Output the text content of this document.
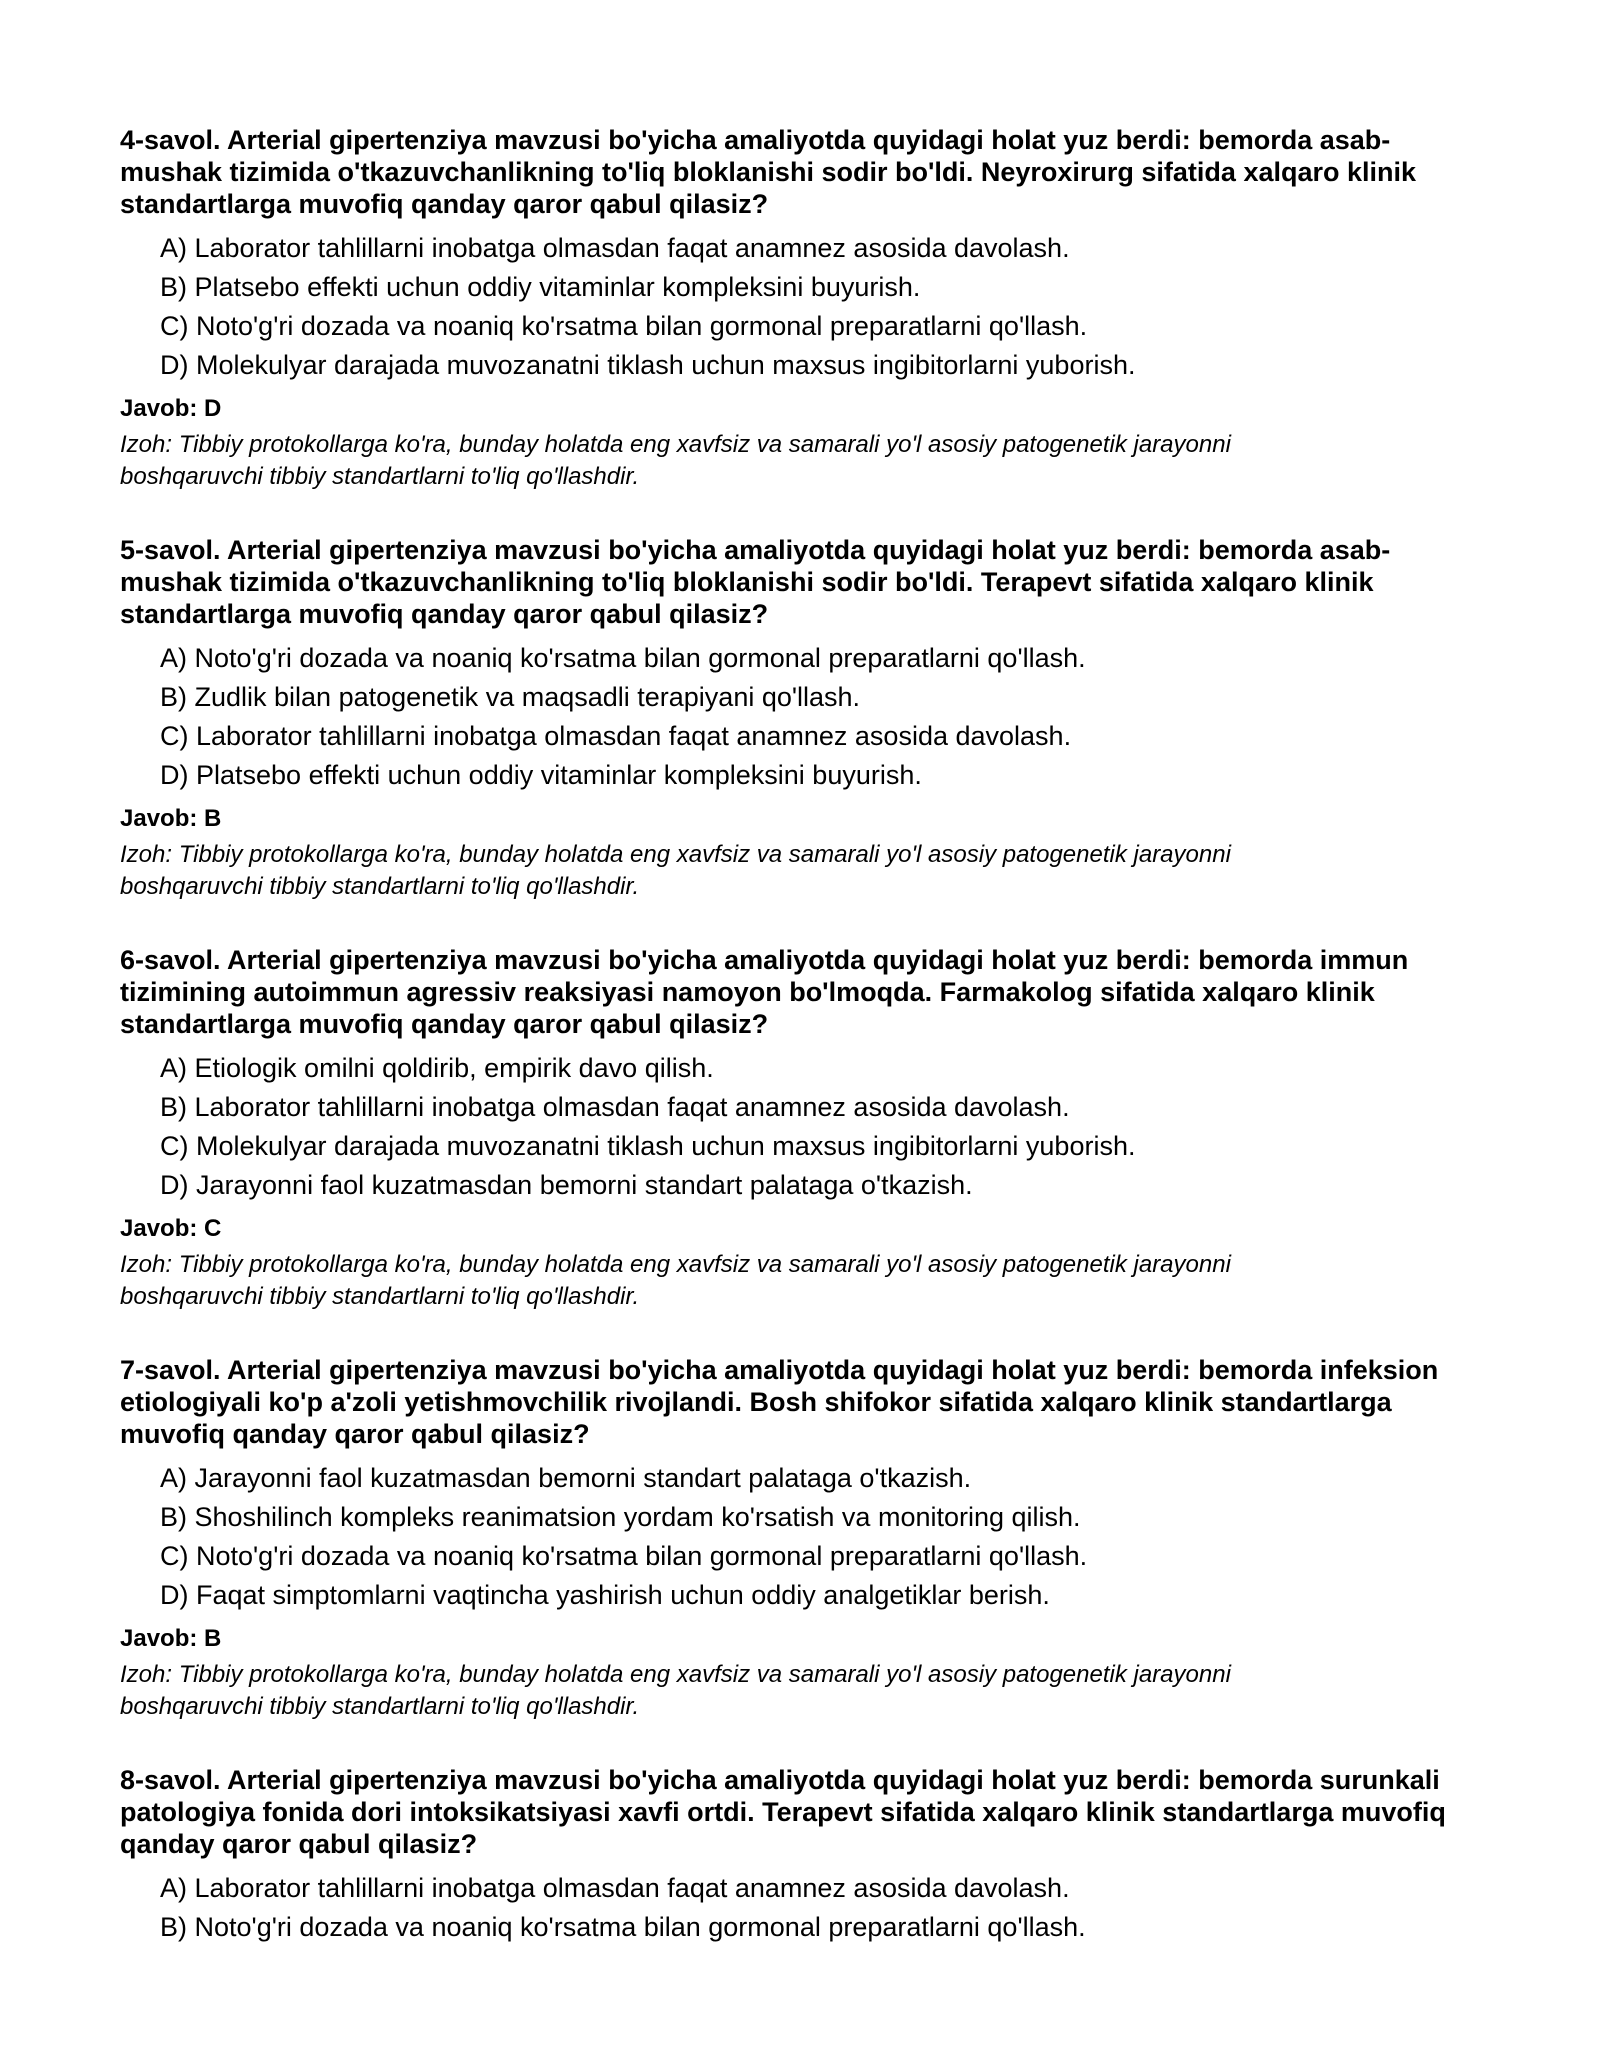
4-savol. Arterial gipertenziya mavzusi bo'yicha amaliyotda quyidagi holat yuz berdi: bemorda asab-mushak tizimida o'tkazuvchanlikning to'liq bloklanishi sodir bo'ldi. Neyroxirurg sifatida xalqaro klinik standartlarga muvofiq qanday qaror qabul qilasiz?
A) Laborator tahlillarni inobatga olmasdan faqat anamnez asosida davolash.
B) Platsebo effekti uchun oddiy vitaminlar kompleksini buyurish.
C) Noto'g'ri dozada va noaniq ko'rsatma bilan gormonal preparatlarni qo'llash.
D) Molekulyar darajada muvozanatni tiklash uchun maxsus ingibitorlarni yuborish.
Javob: D
Izoh: Tibbiy protokollarga ko'ra, bunday holatda eng xavfsiz va samarali yo'l asosiy patogenetik jarayonni boshqaruvchi tibbiy standartlarni to'liq qo'llashdir.
5-savol. Arterial gipertenziya mavzusi bo'yicha amaliyotda quyidagi holat yuz berdi: bemorda asab-mushak tizimida o'tkazuvchanlikning to'liq bloklanishi sodir bo'ldi. Terapevt sifatida xalqaro klinik standartlarga muvofiq qanday qaror qabul qilasiz?
A) Noto'g'ri dozada va noaniq ko'rsatma bilan gormonal preparatlarni qo'llash.
B) Zudlik bilan patogenetik va maqsadli terapiyani qo'llash.
C) Laborator tahlillarni inobatga olmasdan faqat anamnez asosida davolash.
D) Platsebo effekti uchun oddiy vitaminlar kompleksini buyurish.
Javob: B
Izoh: Tibbiy protokollarga ko'ra, bunday holatda eng xavfsiz va samarali yo'l asosiy patogenetik jarayonni boshqaruvchi tibbiy standartlarni to'liq qo'llashdir.
6-savol. Arterial gipertenziya mavzusi bo'yicha amaliyotda quyidagi holat yuz berdi: bemorda immun tizimining autoimmun agressiv reaksiyasi namoyon bo'lmoqda. Farmakolog sifatida xalqaro klinik standartlarga muvofiq qanday qaror qabul qilasiz?
A) Etiologik omilni qoldirib, empirik davo qilish.
B) Laborator tahlillarni inobatga olmasdan faqat anamnez asosida davolash.
C) Molekulyar darajada muvozanatni tiklash uchun maxsus ingibitorlarni yuborish.
D) Jarayonni faol kuzatmasdan bemorni standart palataga o'tkazish.
Javob: C
Izoh: Tibbiy protokollarga ko'ra, bunday holatda eng xavfsiz va samarali yo'l asosiy patogenetik jarayonni boshqaruvchi tibbiy standartlarni to'liq qo'llashdir.
7-savol. Arterial gipertenziya mavzusi bo'yicha amaliyotda quyidagi holat yuz berdi: bemorda infeksion etiologiyali ko'p a'zoli yetishmovchilik rivojlandi. Bosh shifokor sifatida xalqaro klinik standartlarga muvofiq qanday qaror qabul qilasiz?
A) Jarayonni faol kuzatmasdan bemorni standart palataga o'tkazish.
B) Shoshilinch kompleks reanimatsion yordam ko'rsatish va monitoring qilish.
C) Noto'g'ri dozada va noaniq ko'rsatma bilan gormonal preparatlarni qo'llash.
D) Faqat simptomlarni vaqtincha yashirish uchun oddiy analgetiklar berish.
Javob: B
Izoh: Tibbiy protokollarga ko'ra, bunday holatda eng xavfsiz va samarali yo'l asosiy patogenetik jarayonni boshqaruvchi tibbiy standartlarni to'liq qo'llashdir.
8-savol. Arterial gipertenziya mavzusi bo'yicha amaliyotda quyidagi holat yuz berdi: bemorda surunkali patologiya fonida dori intoksikatsiyasi xavfi ortdi. Terapevt sifatida xalqaro klinik standartlarga muvofiq qanday qaror qabul qilasiz?
A) Laborator tahlillarni inobatga olmasdan faqat anamnez asosida davolash.
B) Noto'g'ri dozada va noaniq ko'rsatma bilan gormonal preparatlarni qo'llash.
